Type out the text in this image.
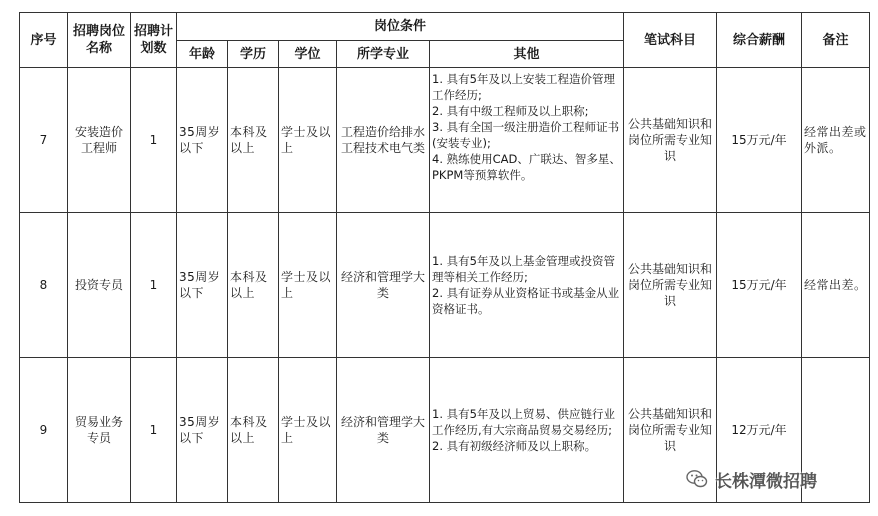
序号	招聘岗位名称	招聘计划数	岗位条件					笔试科目	综合薪酬	备注
			年龄	学历	学位	所学专业	其他			
7	安装造价工程师	1	35周岁以下	本科及以上	学士及以上	工程造价给排水工程技术电气类	1. 具有5年及以上安装工程造价管理工作经历;
2. 具有中级工程师及以上职称;
3. 具有全国一级注册造价工程师证书(安装专业);
4. 熟练使用CAD、广联达、智多星、PKPM等预算软件。	公共基础知识和岗位所需专业知识	15万元/年	经常出差或外派。
8	投资专员	1	35周岁以下	本科及以上	学士及以上	经济和管理学大类	1. 具有5年及以上基金管理或投资管理等相关工作经历;
2. 具有证券从业资格证书或基金从业资格证书。	公共基础知识和岗位所需专业知识	15万元/年	经常出差。
9	贸易业务专员	1	35周岁以下	本科及以上	学士及以上	经济和管理学大类	1. 具有5年及以上贸易、供应链行业工作经历,有大宗商品贸易交易经历;
2. 具有初级经济师及以上职称。	公共基础知识和岗位所需专业知识	12万元/年	
长株潭微招聘
